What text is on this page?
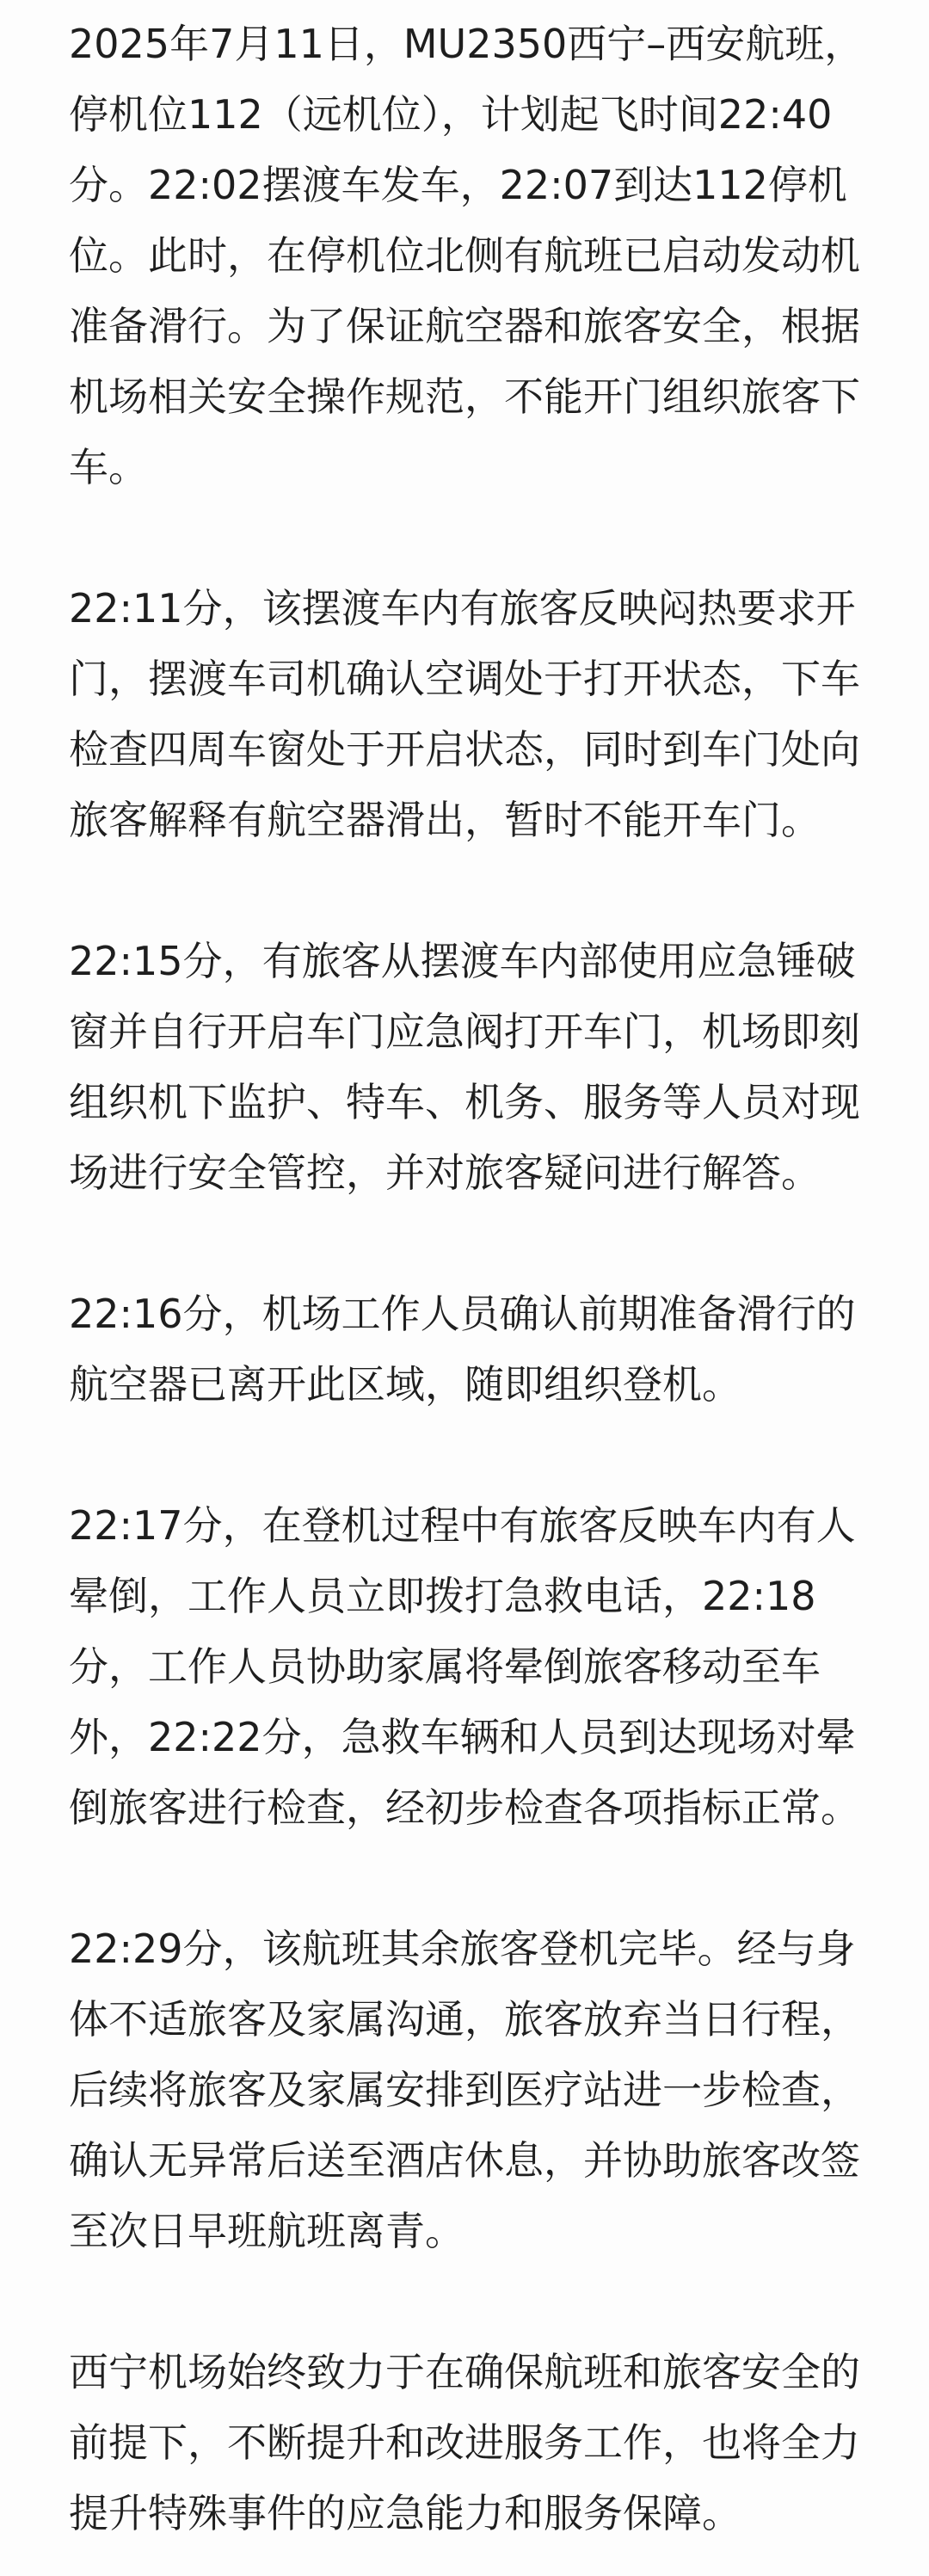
2025年7月11日，MU2350西宁–西安航班，
停机位112（远机位），计划起飞时间22:40
分。22:02摆渡车发车，22:07到达112停机
位。此时，在停机位北侧有航班已启动发动机
准备滑行。为了保证航空器和旅客安全，根据
机场相关安全操作规范，不能开门组织旅客下
车。
22:11分，该摆渡车内有旅客反映闷热要求开
门，摆渡车司机确认空调处于打开状态，下车
检查四周车窗处于开启状态，同时到车门处向
旅客解释有航空器滑出，暂时不能开车门。
22:15分，有旅客从摆渡车内部使用应急锤破
窗并自行开启车门应急阀打开车门，机场即刻
组织机下监护、特车、机务、服务等人员对现
场进行安全管控，并对旅客疑问进行解答。
22:16分，机场工作人员确认前期准备滑行的
航空器已离开此区域，随即组织登机。
22:17分，在登机过程中有旅客反映车内有人
晕倒，工作人员立即拨打急救电话，22:18
分，工作人员协助家属将晕倒旅客移动至车
外，22:22分，急救车辆和人员到达现场对晕
倒旅客进行检查，经初步检查各项指标正常。
22:29分，该航班其余旅客登机完毕。经与身
体不适旅客及家属沟通，旅客放弃当日行程，
后续将旅客及家属安排到医疗站进一步检查，
确认无异常后送至酒店休息，并协助旅客改签
至次日早班航班离青。
西宁机场始终致力于在确保航班和旅客安全的
前提下，不断提升和改进服务工作，也将全力
提升特殊事件的应急能力和服务保障。
